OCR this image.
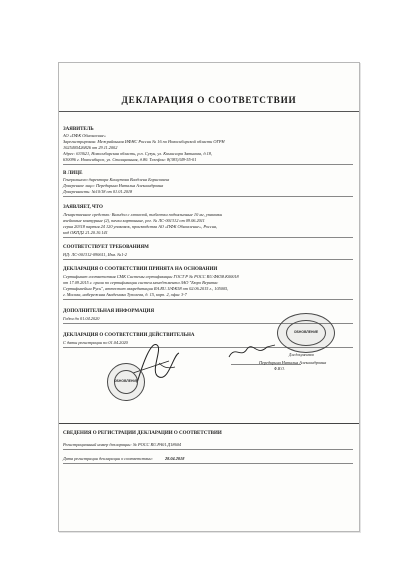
ДЕКЛАРАЦИЯ О СООТВЕТСТВИИ
ЗАЯВИТЕЛЬ
АО «ПФК Обновление»
Зарегистрирован: Межрайонная ИФНС России № 16 по Новосибирской области ОГРН
1025405426826 от 29.11.2002
Адрес: 633621, Новосибирская область, р.п. Сузун, ул. Комиссара Зятькова, д.18,
630096 г. Новосибирск, ул. Станционная, д.80. Телефон: 8(383)349-55-01
В ЛИЦЕ
Генерального директора Кашутова Владлена Борисовича
Доверенное лицо: Передкрина Наталья Александровна
Доверенность: №10/18 от 01.01.2018
ЗАЯВЛЯЕТ, ЧТО
Лекарственное средство: Валидол с глюкозой, таблетки подъязычные 10 мг, упаковки
ячейковые контурные (2), пачки картонные, рег. № ЛС-001312 от 09.06.2011
серия 20318 партия 24 120 упаковок, производства АО «ПФК Обновление», Россия,
код ОКПД2 21.20.10.141
СООТВЕТСТВУЕТ ТРЕБОВАНИЯМ
НД: ЛС-001312-090611, Изм. №1-2
ДЕКЛАРАЦИЯ О СООТВЕТСТВИИ ПРИНЯТА НА ОСНОВАНИИ
Сертификат соответствия СМК Системы сертификации ГОСТ Р № РОСС RU.ФК58.К00018
от 17.09.2015 г. орган по сертификации систем менеджмента ЗАО "Бюро Веритас
Сертификейшн Русь", аттестат аккредитации RA.RU.11ФК58 от 02.06.2015 г., 105005,
г. Москва, набережная Академика Туполева, д. 15, корп. 2, офис 3-7
ДОПОЛНИТЕЛЬНАЯ ИНФОРМАЦИЯ
Годен до 01.04.2020
ДЕКЛАРАЦИЯ О СООТВЕТСТВИИ ДЕЙСТВИТЕЛЬНА
С даты регистрации по 01.04.2020
ОБНОВЛЕНИЕ
ОБНОВЛЕНИЕ
Для документов
Передкрина Наталья Александровна
Ф.И.О.
СВЕДЕНИЯ О РЕГИСТРАЦИИ ДЕКЛАРАЦИИ О СООТВЕТСТВИИ
Регистрационный номер декларации: № РОСС RU.РА01.Д18604
Дата регистрации декларации о соответствии:	28.04.2018
